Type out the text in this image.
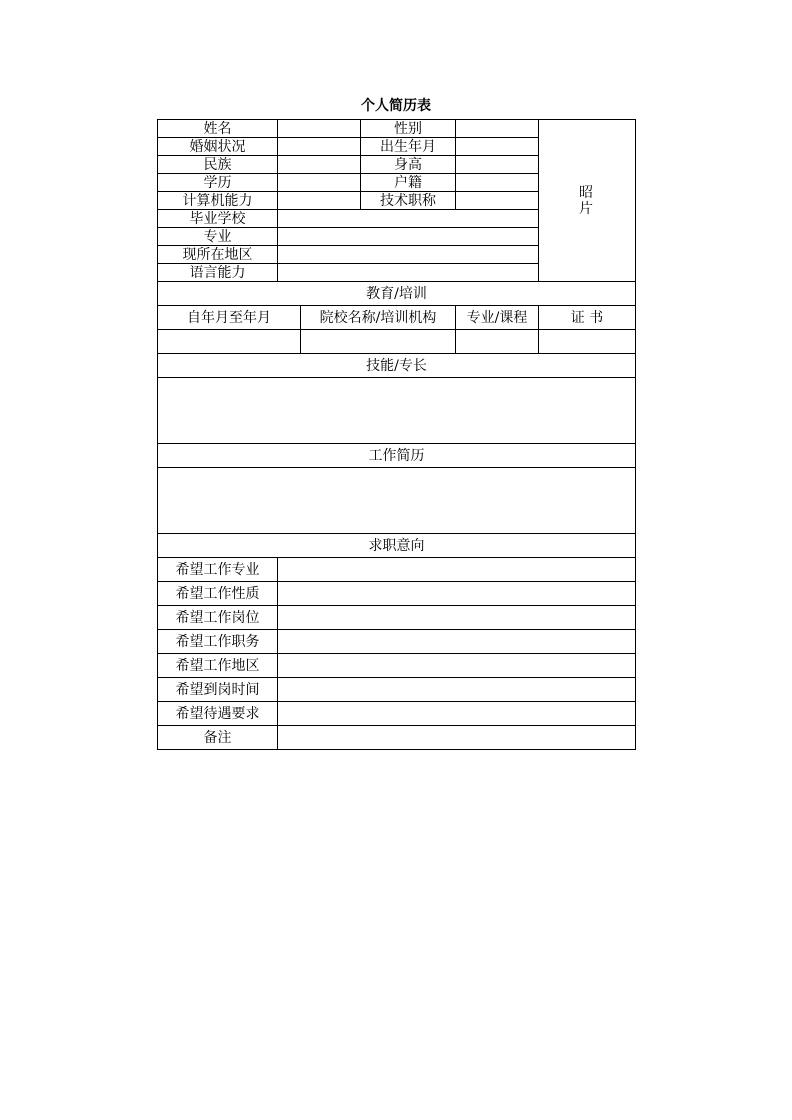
个人简历表
姓名			性别		昭
片

婚姻状况			出生年月		
民族			身高		
学历			户籍		
计算机能力			技术职称		
毕业学校					
专业					
现所在地区					
语言能力					
教育/培训					
自年月至年月		院校名称/培训机构		专业/课程	证 书

技能/专长					

工作简历					

求职意向					
希望工作专业					
希望工作性质					
希望工作岗位					
希望工作职务					
希望工作地区					
希望到岗时间					
希望待遇要求					
备注					
